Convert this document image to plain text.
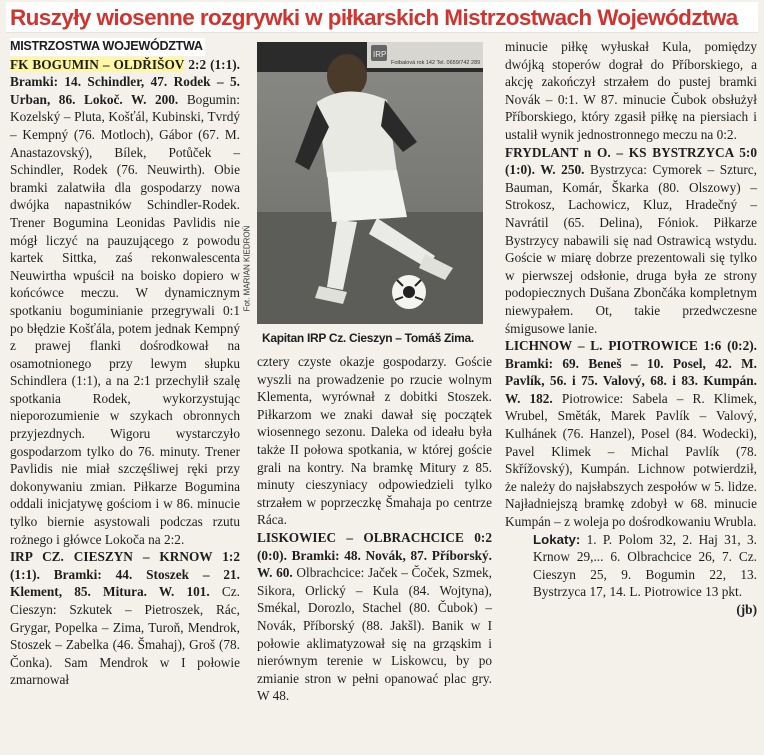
Ruszyły wiosenne rozgrywki w piłkarskich Mistrzostwach Województwa
MISTRZOSTWA WOJEWÓDZTWA

FK BOGUMIN – OLDŘIŠOV 2:2 (1:1). Bramki: 14. Schindler, 47. Rodek – 5. Urban, 86. Lokoč. W. 200. Bogumin: Kozelský – Pluta, Košťál, Kubinski, Tvrdý – Kempný (76. Motloch), Gábor (67. M. Anastazovský), Bílek, Potůček – Schindler, Rodek (76. Neuwirth). Obie bramki zalatwiła dla gospodarzy nowa dwójka napastników Schindler-Rodek. Trener Bogumina Leonidas Pavlidis nie mógł liczyć na pauzującego z powodu kartek Sittka, zaś rekonwalescenta Neuwirtha wpuścił na boisko dopiero w końcówce meczu. W dynamicznym spotkaniu boguminianie przegrywali 0:1 po błędzie Košťála, potem jednak Kempný z prawej flanki dośrodkował na osamotnionego przy lewym słupku Schindlera (1:1), a na 2:1 przechylił szalę spotkania Rodek, wykorzystując nieporozumienie w szykach obronnych przyjezdnych. Wigoru wystarczyło gospodarzom tylko do 76. minuty. Trener Pavlidis nie miał szczęśliwej ręki przy dokonywaniu zmian. Piłkarze Bogumina oddali inicjatywę gościom i w 86. minucie tylko biernie asystowali podczas rzutu rożnego i główce Lokoča na 2:2.

IRP CZ. CIESZYN – KRNOW 1:2 (1:1). Bramki: 44. Stoszek – 21. Klement, 85. Mitura. W. 101. Cz. Cieszyn: Szkutek – Pietroszek, Rác, Grygar, Popelka – Zima, Turoň, Mendrok, Stoszek – Zabelka (46. Šmahaj), Groš (78. Čonka). Sam Mendrok w I połowie zmarnował

IRP
Fotbalová rok 142 Tel. 0659/742 289
Fot. MARIAN KIEDROŃ
Kapitan IRP Cz. Cieszyn – Tomáš Zima.

cztery czyste okazje gospodarzy. Goście wyszli na prowadzenie po rzucie wolnym Klementa, wyrównał z dobitki Stoszek. Piłkarzom we znaki dawał się początek wiosennego sezonu. Daleka od ideału była także II połowa spotkania, w której goście grali na kontry. Na bramkę Mitury z 85. minuty cieszyniacy odpowiedzieli tylko strzałem w poprzeczkę Šmahaja po centrze Ráca.

LISKOWIEC – OLBRACHCICE 0:2 (0:0). Bramki: 48. Novák, 87. Příborský. W. 60. Olbrachcice: Jaček – Čoček, Szmek, Sikora, Orlický – Kula (84. Wojtyna), Smékal, Dorozlo, Stachel (80. Čubok) – Novák, Příborský (88. Jakšl). Banik w I połowie aklimatyzował się na grząskim i nierównym terenie w Liskowcu, by po zmianie stron w pełni opanować plac gry. W 48.

minucie piłkę wyłuskał Kula, pomiędzy dwójką stoperów dograł do Příborskiego, a akcję zakończył strzałem do pustej bramki Novák – 0:1. W 87. minucie Čubok obsłużył Příborskiego, który zgasił piłkę na piersiach i ustalił wynik jednostronnego meczu na 0:2.

FRYDLANT n O. – KS BYSTRZYCA 5:0 (1:0). W. 250. Bystrzyca: Cymorek – Szturc, Bauman, Komár, Škarka (80. Olszowy) – Strokosz, Lachowicz, Kluz, Hradečný – Navrátil (65. Delina), Fóniok. Piłkarze Bystrzycy nabawili się nad Ostrawicą wstydu. Goście w miarę dobrze prezentowali się tylko w pierwszej odsłonie, druga była ze strony podopiecznych Dušana Zbončáka kompletnym niewypałem. Ot, takie przedwczesne śmigusowe lanie.

LICHNOW – L. PIOTROWICE 1:6 (0:2). Bramki: 69. Beneš – 10. Posel, 42. M. Pavlík, 56. i 75. Valový, 68. i 83. Kumpán. W. 182. Piotrowice: Sabela – R. Klimek, Wrubel, Směták, Marek Pavlík – Valový, Kulhánek (76. Hanzel), Posel (84. Wodecki), Pavel Klimek – Michal Pavlík (78. Skřížovský), Kumpán. Lichnow potwierdził, że należy do najsłabszych zespołów w 5. lidze. Najładniejszą bramkę zdobył w 68. minucie Kumpán – z woleja po dośrodkowaniu Wrubla.

Lokaty: 1. P. Polom 32, 2. Haj 31, 3. Krnow 29,... 6. Olbrachcice 26, 7. Cz. Cieszyn 25, 9. Bogumin 22, 13. Bystrzyca 17, 14. L. Piotrowice 13 pkt.
(jb)
